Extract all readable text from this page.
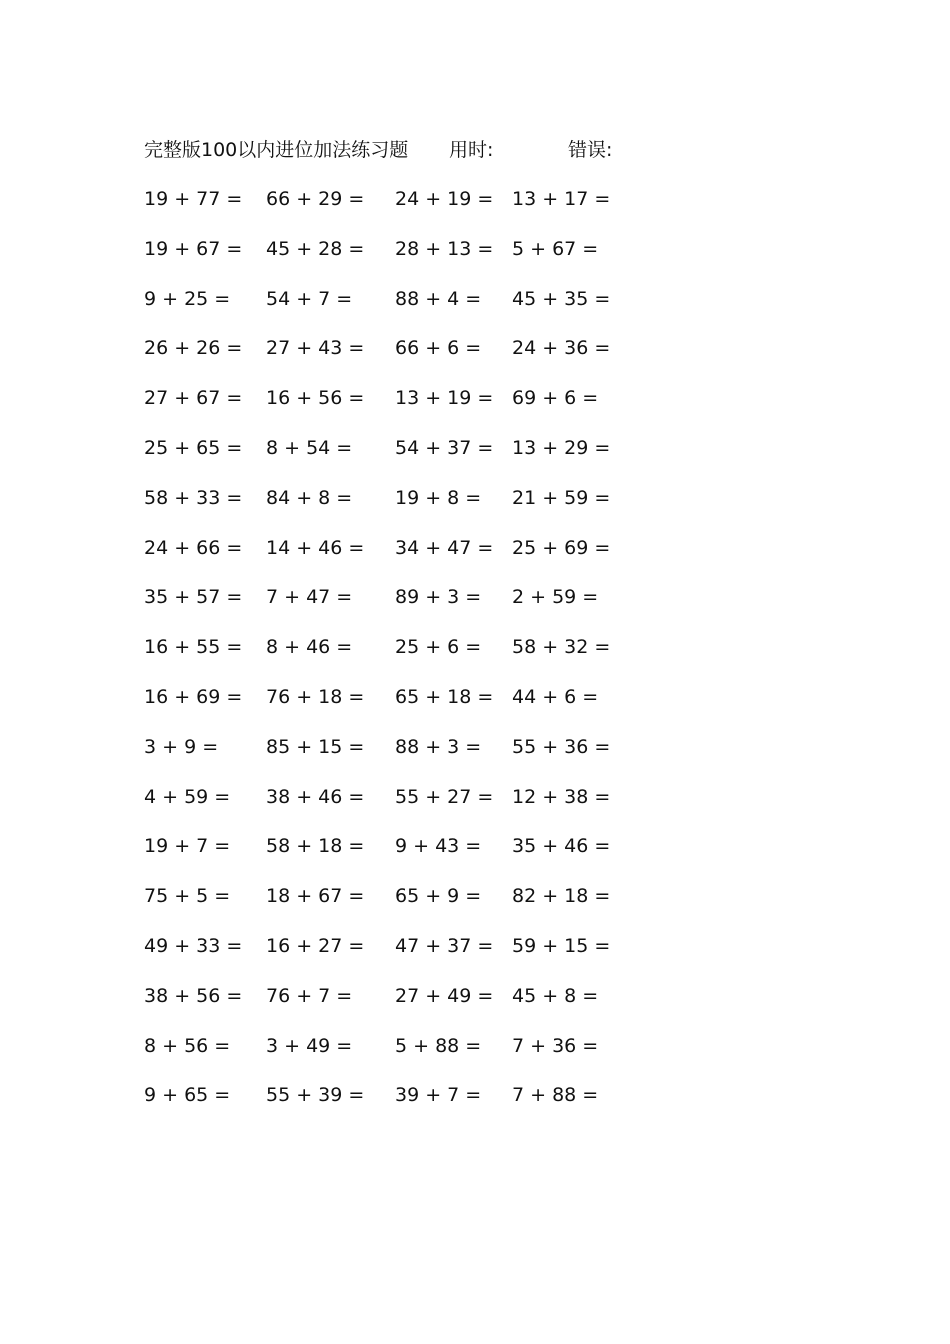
完整版100以内进位加法练习题 用时:	错误:
19 + 77 = 66 + 29 = 24 + 19 = 13 + 17 =
19 + 67 = 45 + 28 = 28 + 13 = 5 + 67 =
9 + 25 =	54 + 7 =	88 + 4 =	45 + 35 =
26 + 26 = 27 + 43 = 66 + 6 =	24 + 36 =
27 + 67 = 16 + 56 = 13 + 19 = 69 + 6 =
25 + 65 = 8 + 54 =	54 + 37 = 13 + 29 =
58 + 33 = 84 + 8 =	19 + 8 =	21 + 59 =
24 + 66 = 14 + 46 = 34 + 47 = 25 + 69 =
35 + 57 = 7 + 47 =	89 + 3 =	2 + 59 =
16 + 55 = 8 + 46 =	25 + 6 =	58 + 32 =
16 + 69 = 76 + 18 = 65 + 18 = 44 + 6 =
3 + 9 =	85 + 15 = 88 + 3 =	55 + 36 =
4 + 59 =	38 + 46 = 55 + 27 = 12 + 38 =
19 + 7 =	58 + 18 = 9 + 43 =	35 + 46 =
75 + 5 =	18 + 67 = 65 + 9 =	82 + 18 =
49 + 33 = 16 + 27 = 47 + 37 = 59 + 15 =
38 + 56 = 76 + 7 =	27 + 49 = 45 + 8 =
8 + 56 =	3 + 49 =	5 + 88 =	7 + 36 =
9 + 65 =	55 + 39 = 39 + 7 =	7 + 88 =
